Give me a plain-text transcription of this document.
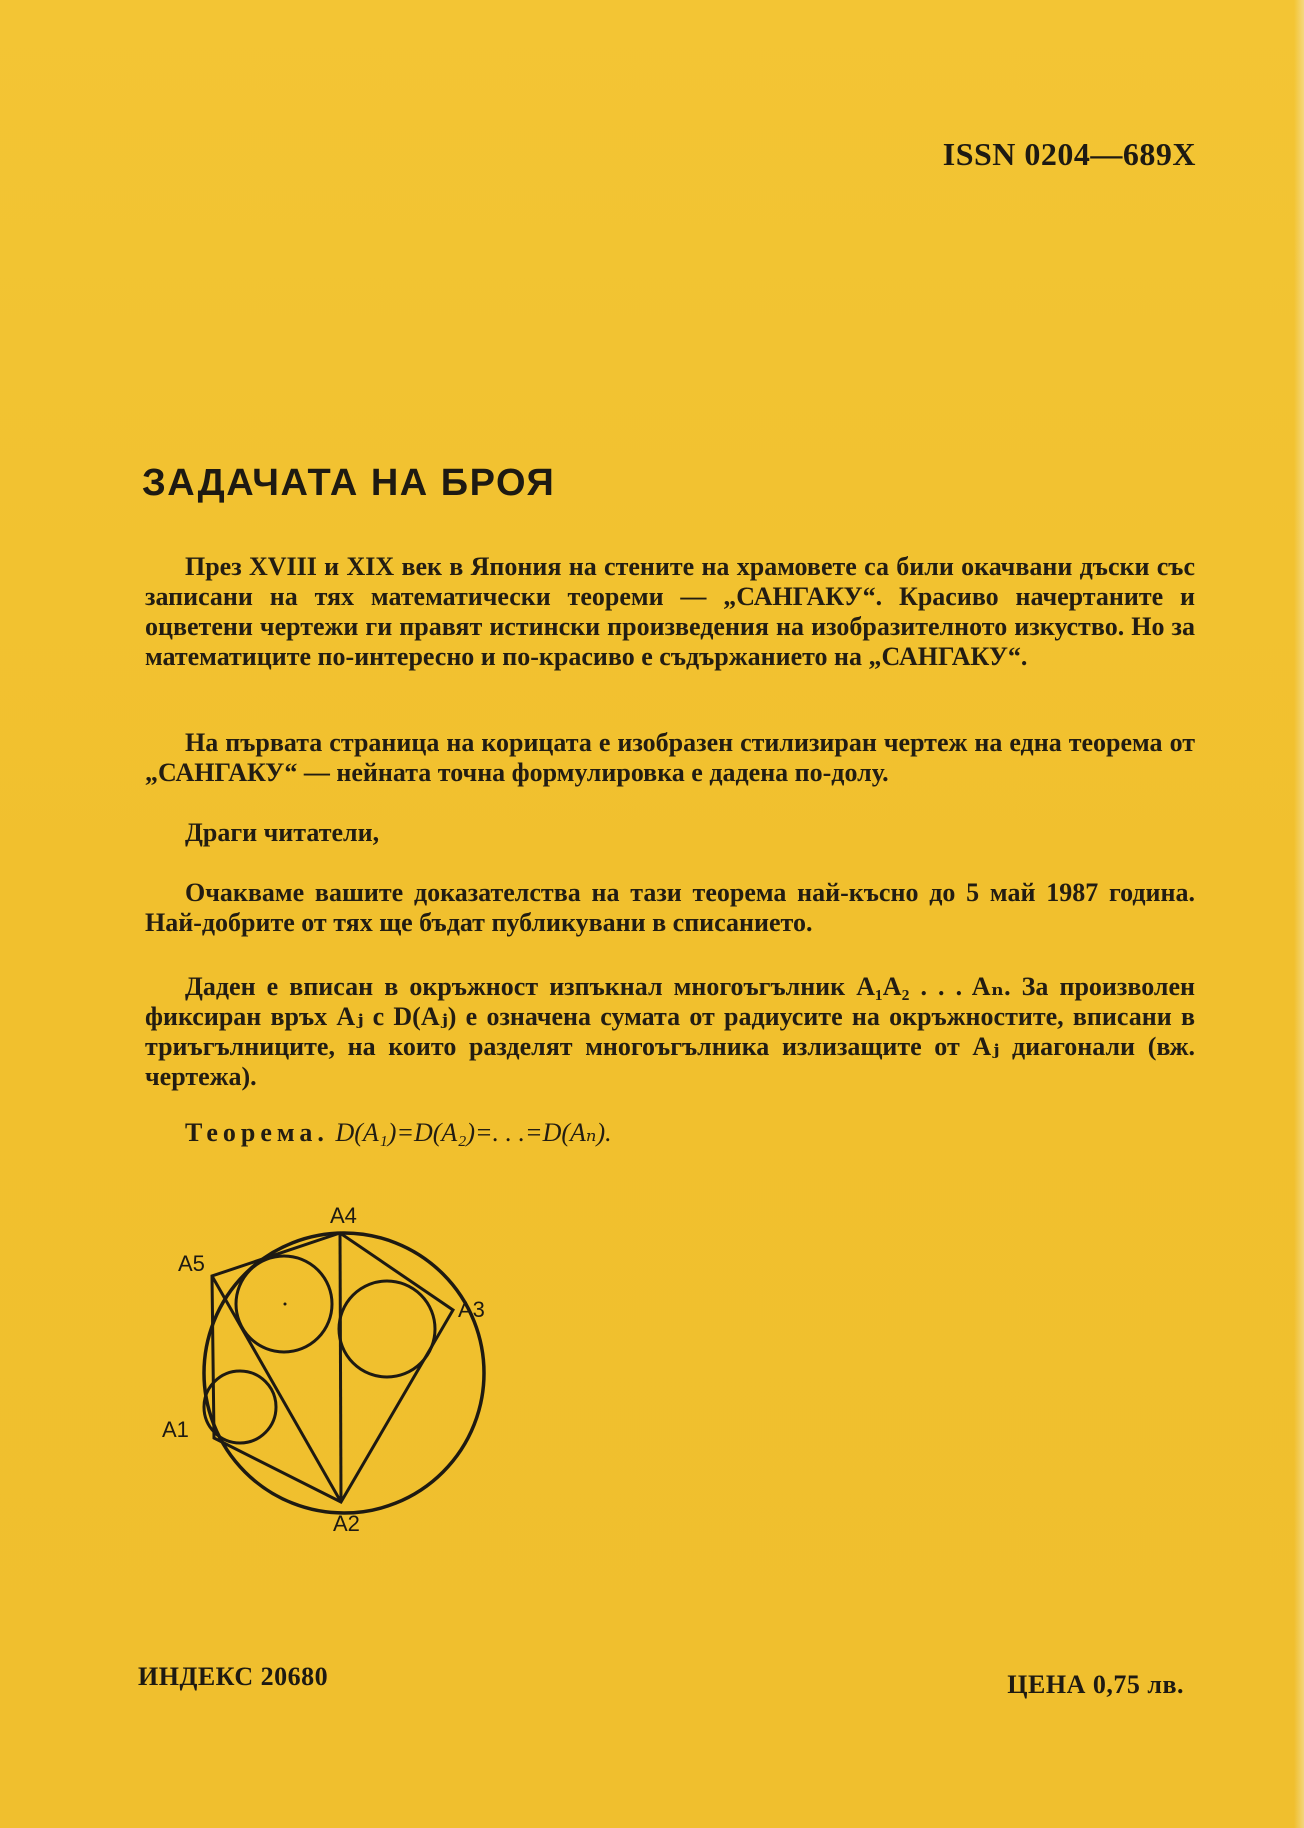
ISSN 0204—689X
ЗАДАЧАТА НА БРОЯ

През XVIII и XIX век в Япония на стените на храмовете са били окачвани дъски със записани на тях математически теореми — „САНГАКУ“. Красиво начертаните и оцветени чертежи ги правят истински произведения на изобразителното изкуство. Но за математиците по-интересно и по-красиво е съдържанието на „САНГАКУ“.

На първата страница на корицата е изобразен стилизиран чертеж на една теорема от „САНГАКУ“ — нейната точна формулировка е дадена по-долу.

Драги читатели,

Очакваме вашите доказателства на тази теорема най-късно до 5 май 1987 година. Най-добрите от тях ще бъдат публикувани в списанието.

Даден е вписан в окръжност изпъкнал многоъгълник A₁A₂ . . . Aₙ. За произволен фиксиран връх Aⱼ с D(Aⱼ) е означена сумата от радиусите на окръжностите, вписани в триъгълниците, на които разделят многоъгълника излизащите от Aⱼ диагонали (вж. чертежа).

Теорема. D(A₁)=D(A₂)=. . .=D(Aₙ).

A4
A5
A3
A1
A2
ИНДЕКС 20680	ЦЕНА 0,75 лв.
